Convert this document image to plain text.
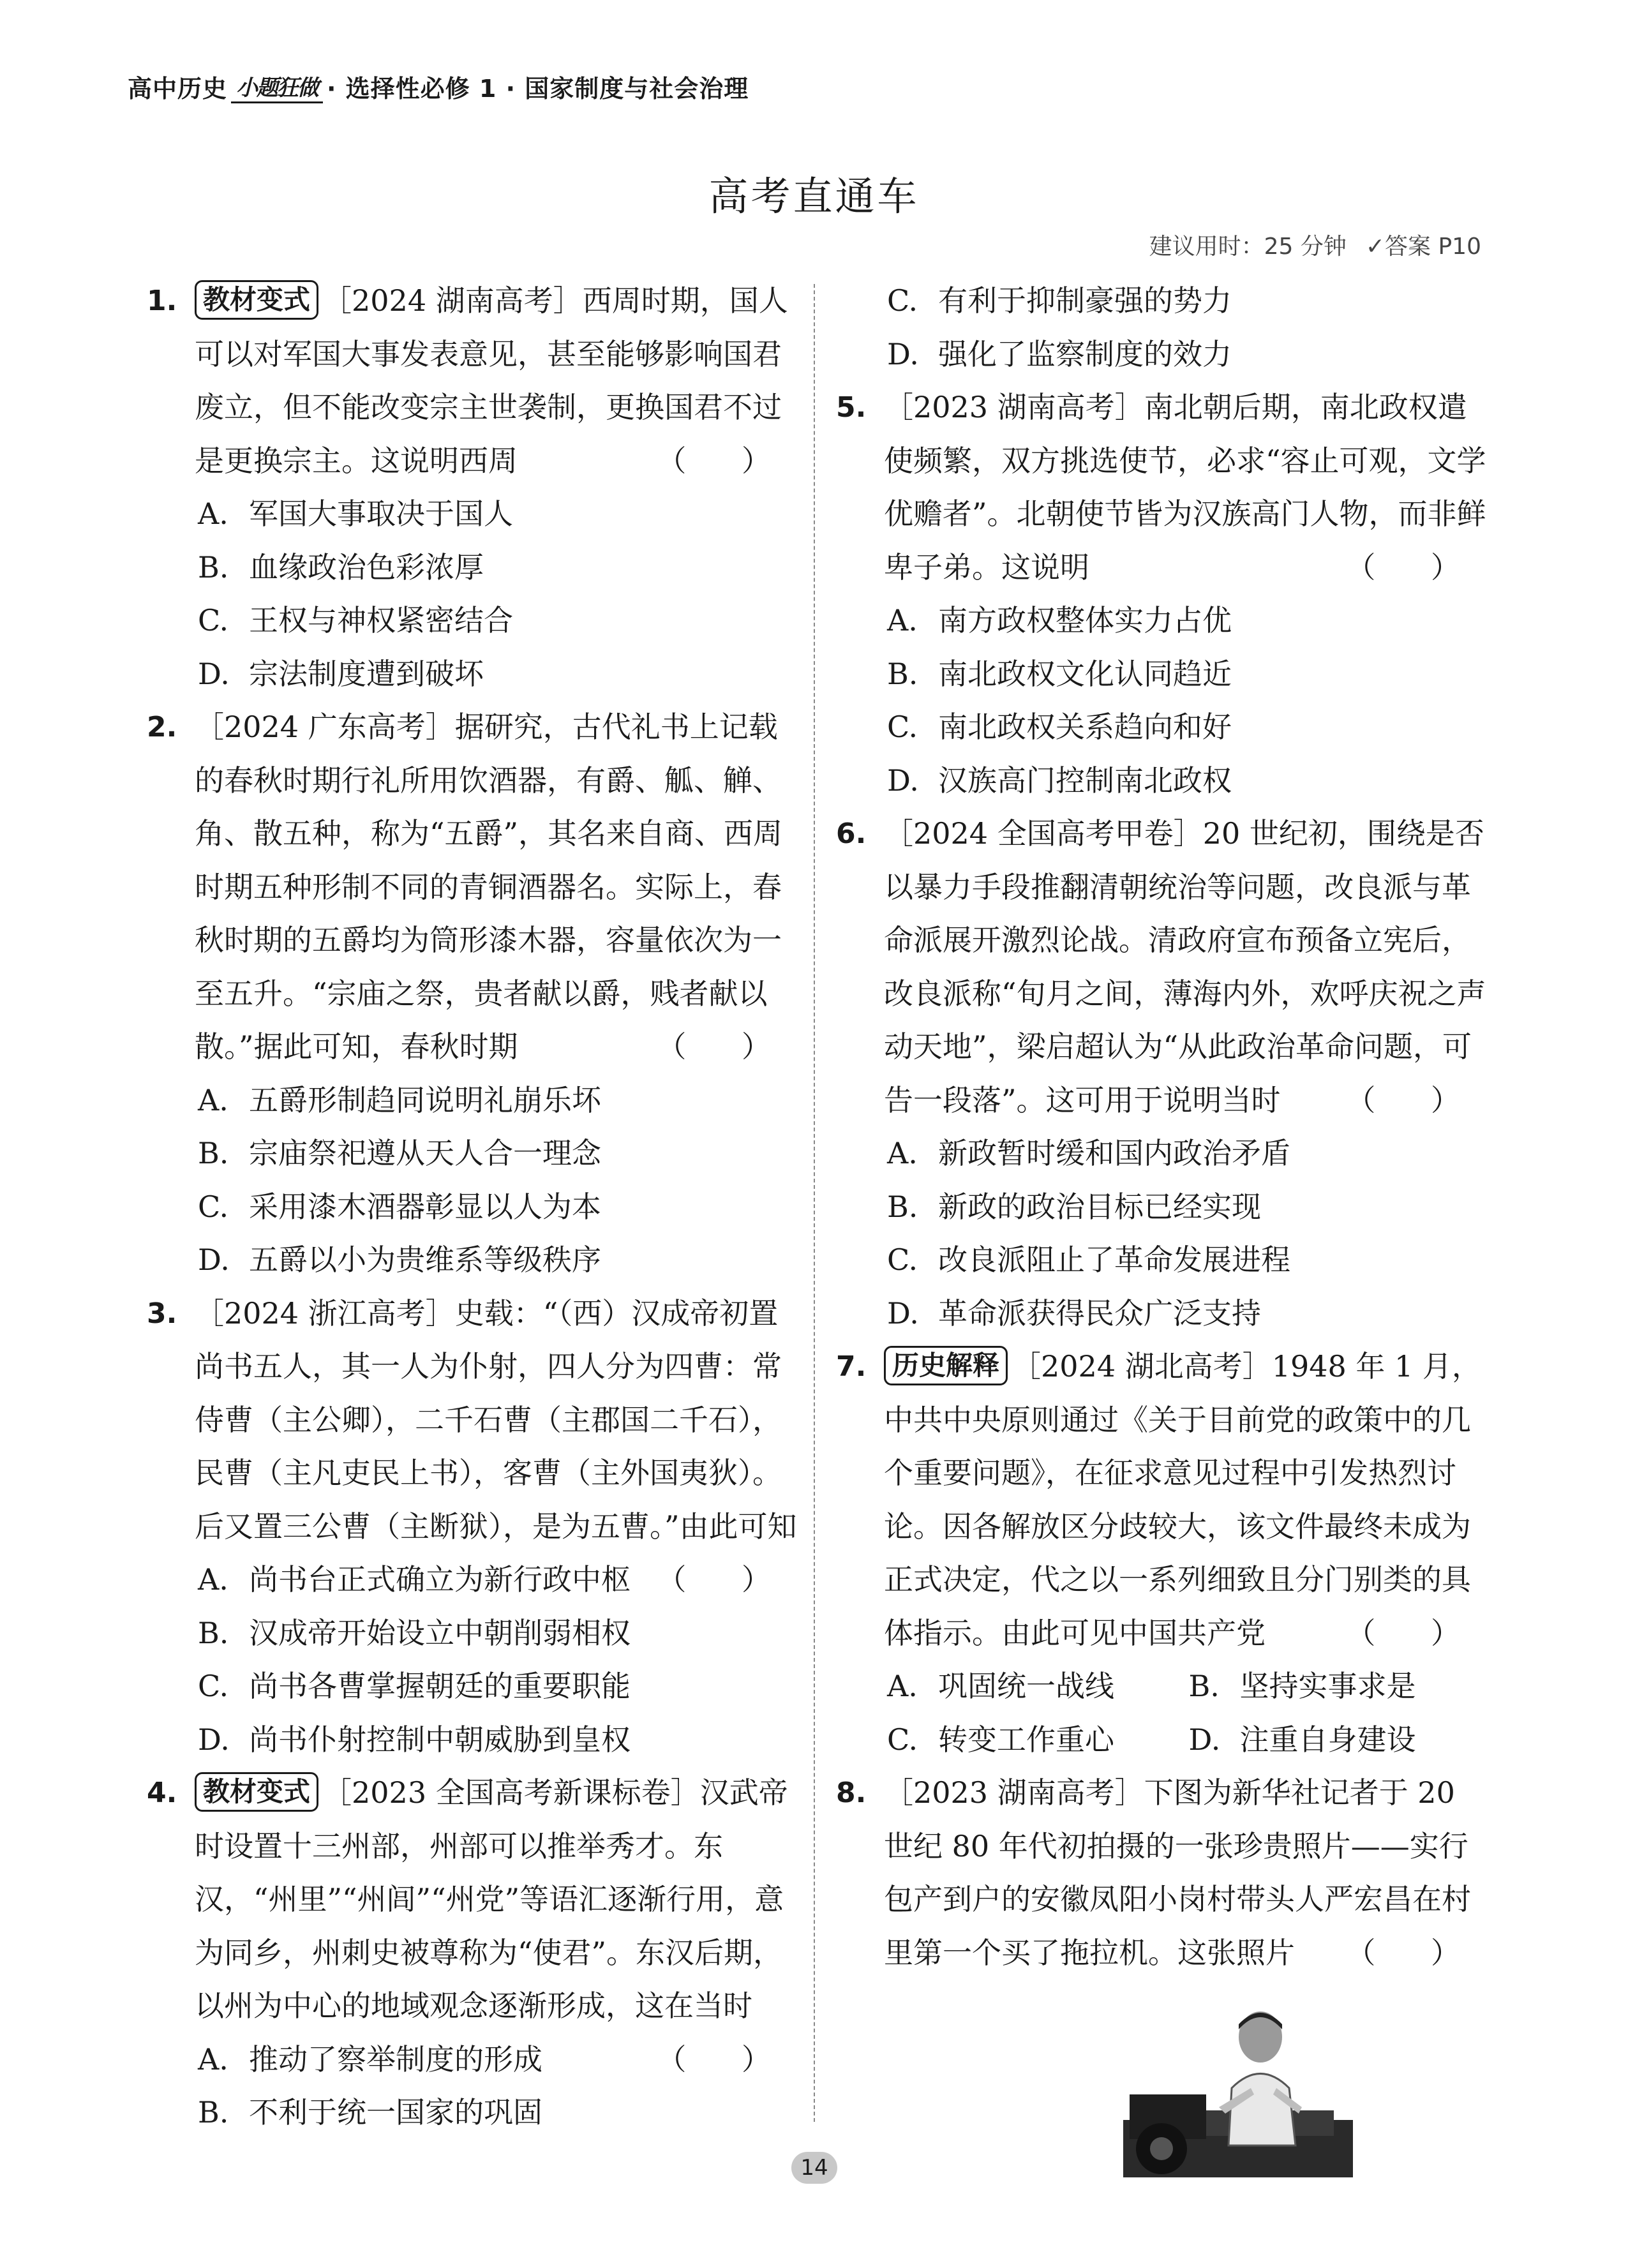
高中历史 小题狂做 · 选择性必修 1 · 国家制度与社会治理
高考直通车
建议用时：25 分钟 ✓答案 P10
1. 教材变式 ［2024 湖南高考］西周时期，国人可以对军国大事发表意见，甚至能够影响国君废立，但不能改变宗主世袭制，更换国君不过是更换宗主。这说明西周	（ ）
A. 军国大事取决于国人
B. 血缘政治色彩浓厚
C. 王权与神权紧密结合
D. 宗法制度遭到破坏
2. ［2024 广东高考］据研究，古代礼书上记载的春秋时期行礼所用饮酒器，有爵、觚、觯、角、散五种，称为“五爵”，其名来自商、西周时期五种形制不同的青铜酒器名。实际上，春秋时期的五爵均为筒形漆木器，容量依次为一至五升。“宗庙之祭，贵者献以爵，贱者献以散。”据此可知，春秋时期	（ ）
A. 五爵形制趋同说明礼崩乐坏
B. 宗庙祭祀遵从天人合一理念
C. 采用漆木酒器彰显以人为本
D. 五爵以小为贵维系等级秩序
3. ［2024 浙江高考］史载：“（西）汉成帝初置尚书五人，其一人为仆射，四人分为四曹：常侍曹（主公卿），二千石曹（主郡国二千石），民曹（主凡吏民上书），客曹（主外国夷狄）。后又置三公曹（主断狱），是为五曹。”由此可知
（ ）
A. 尚书台正式确立为新行政中枢
B. 汉成帝开始设立中朝削弱相权
C. 尚书各曹掌握朝廷的重要职能
D. 尚书仆射控制中朝威胁到皇权
4. 教材变式 ［2023 全国高考新课标卷］汉武帝时设置十三州部，州部可以推举秀才。东汉，“州里”“州闾”“州党”等语汇逐渐行用，意为同乡，州刺史被尊称为“使君”。东汉后期，以州为中心的地域观念逐渐形成，这在当时
（ ）
A. 推动了察举制度的形成
B. 不利于统一国家的巩固
C. 有利于抑制豪强的势力
D. 强化了监察制度的效力
5. ［2023 湖南高考］南北朝后期，南北政权遣使频繁，双方挑选使节，必求“容止可观，文学优赡者”。北朝使节皆为汉族高门人物，而非鲜卑子弟。这说明	（ ）
A. 南方政权整体实力占优
B. 南北政权文化认同趋近
C. 南北政权关系趋向和好
D. 汉族高门控制南北政权
6. ［2024 全国高考甲卷］20 世纪初，围绕是否以暴力手段推翻清朝统治等问题，改良派与革命派展开激烈论战。清政府宣布预备立宪后，改良派称“旬月之间，薄海内外，欢呼庆祝之声动天地”，梁启超认为“从此政治革命问题，可告一段落”。这可用于说明当时 （ ）
A. 新政暂时缓和国内政治矛盾
B. 新政的政治目标已经实现
C. 改良派阻止了革命发展进程
D. 革命派获得民众广泛支持
7. 历史解释 ［2024 湖北高考］1948 年 1 月，中共中央原则通过《关于目前党的政策中的几个重要问题》，在征求意见过程中引发热烈讨论。因各解放区分歧较大，该文件最终未成为正式决定，代之以一系列细致且分门别类的具体指示。由此可见中国共产党	（ ）
A. 巩固统一战线	B. 坚持实事求是
C. 转变工作重心	D. 注重自身建设
8. ［2023 湖南高考］下图为新华社记者于 20 世纪 80 年代初拍摄的一张珍贵照片——实行包产到户的安徽凤阳小岗村带头人严宏昌在村里第一个买了拖拉机。这张照片 （ ）

14
